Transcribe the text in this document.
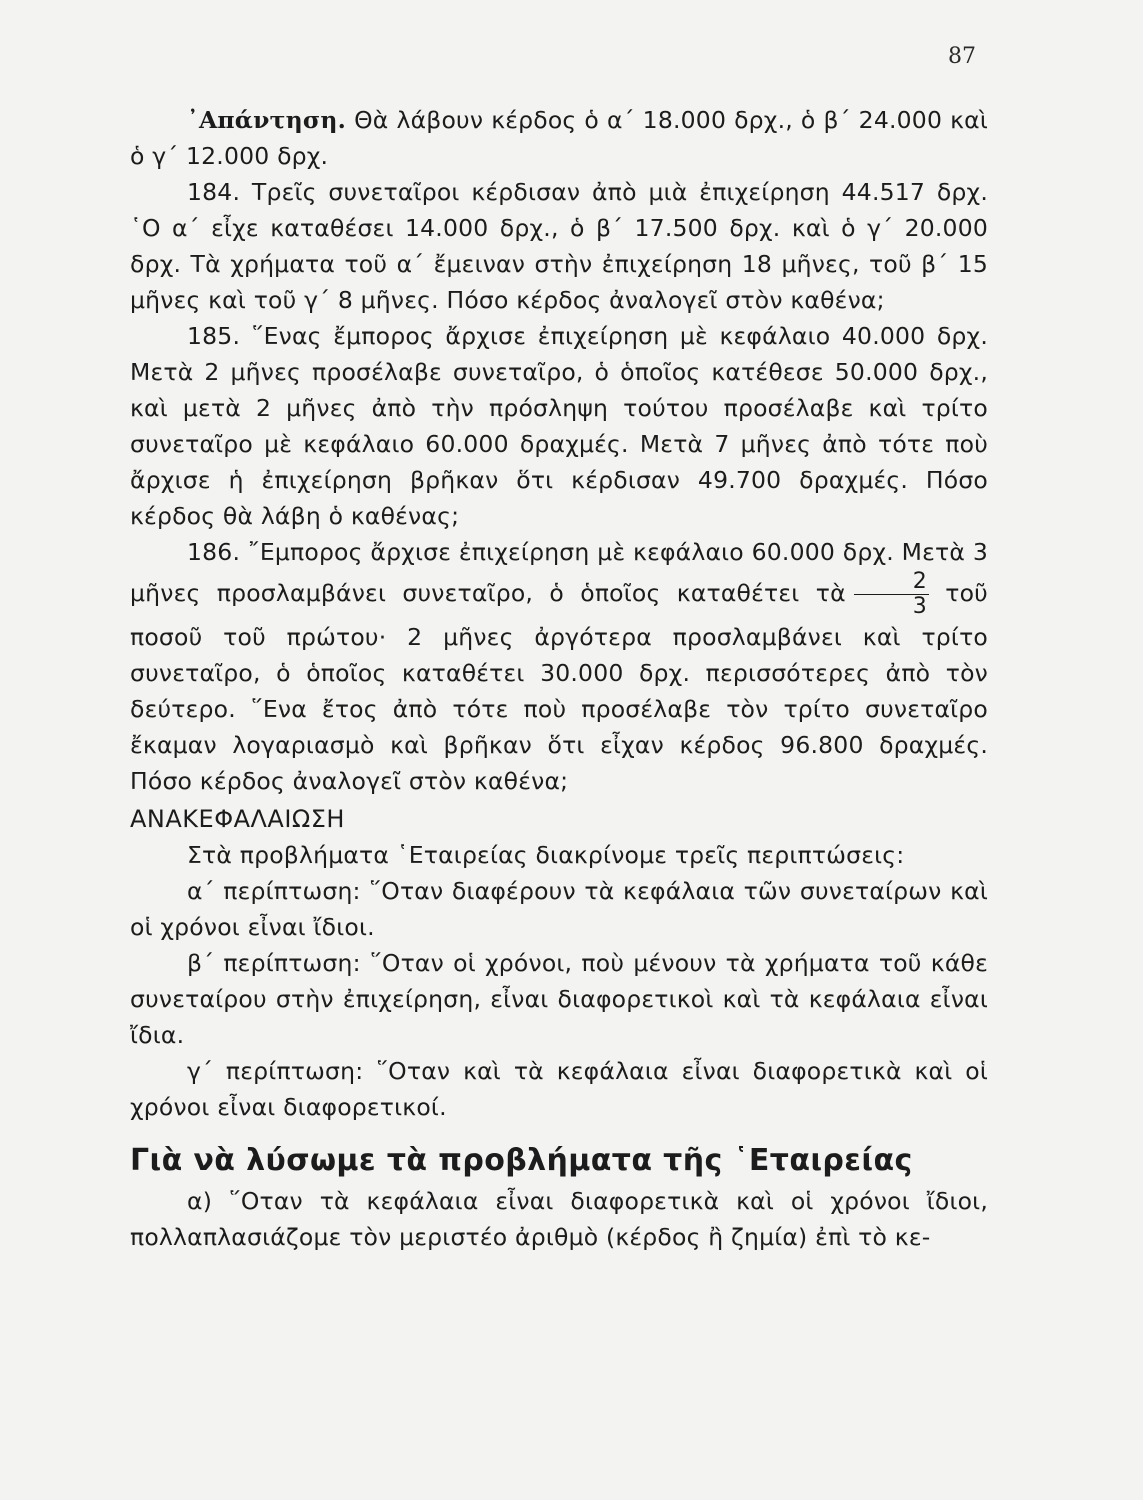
87

᾿Απάντηση. Θὰ λάβουν κέρδος ὁ α΄ 18.000 δρχ., ὁ β΄ 24.000 καὶ ὁ γ΄ 12.000 δρχ.

184. Τρεῖς συνεταῖροι κέρδισαν ἀπὸ μιὰ ἐπιχείρηση 44.517 δρχ. ῾Ο α΄ εἶχε καταθέσει 14.000 δρχ., ὁ β΄ 17.500 δρχ. καὶ ὁ γ΄ 20.000 δρχ. Τὰ χρήματα τοῦ α΄ ἔμειναν στὴν ἐπιχείρηση 18 μῆνες, τοῦ β΄ 15 μῆνες καὶ τοῦ γ΄ 8 μῆνες. Πόσο κέρδος ἀναλογεῖ στὸν καθένα;

185. ῞Ενας ἔμπορος ἄρχισε ἐπιχείρηση μὲ κεφάλαιο 40.000 δρχ. Μετὰ 2 μῆνες προσέλαβε συνεταῖρο, ὁ ὁποῖος κατέθεσε 50.000 δρχ., καὶ μετὰ 2 μῆνες ἀπὸ τὴν πρόσληψη τούτου προσέλαβε καὶ τρίτο συνεταῖρο μὲ κεφάλαιο 60.000 δραχμές. Μετὰ 7 μῆνες ἀπὸ τότε ποὺ ἄρχισε ἡ ἐπιχείρηση βρῆκαν ὅτι κέρδισαν 49.700 δραχμές. Πόσο κέρδος θὰ λάβη ὁ καθένας;

186. ῎Εμπορος ἄρχισε ἐπιχείρηση μὲ κεφάλαιο 60.000 δρχ. Μετὰ 3 μῆνες προσλαμβάνει συνεταῖρο, ὁ ὁποῖος καταθέτει τὰ $\frac{2}{3}$ τοῦ ποσοῦ τοῦ πρώτου· 2 μῆνες ἀργότερα προσλαμβάνει καὶ τρίτο συνεταῖρο, ὁ ὁποῖος καταθέτει 30.000 δρχ. περισσότερες ἀπὸ τὸν δεύτερο. ῞Ενα ἔτος ἀπὸ τότε ποὺ προσέλαβε τὸν τρίτο συνεταῖρο ἔκαμαν λογαριασμὸ καὶ βρῆκαν ὅτι εἶχαν κέρδος 96.800 δραχμές. Πόσο κέρδος ἀναλογεῖ στὸν καθένα;

ΑΝΑΚΕΦΑΛΑΙΩΣΗ

Στὰ προβλήματα ῾Εταιρείας διακρίνομε τρεῖς περιπτώσεις:

α΄ περίπτωση: ῞Οταν διαφέρουν τὰ κεφάλαια τῶν συνεταίρων καὶ οἱ χρόνοι εἶναι ἴδιοι.

β΄ περίπτωση: ῞Οταν οἱ χρόνοι, ποὺ μένουν τὰ χρήματα τοῦ κάθε συνεταίρου στὴν ἐπιχείρηση, εἶναι διαφορετικοὶ καὶ τὰ κεφάλαια εἶναι ἴδια.

γ΄ περίπτωση: ῞Οταν καὶ τὰ κεφάλαια εἶναι διαφορετικὰ καὶ οἱ χρόνοι εἶναι διαφορετικοί.

Γιὰ νὰ λύσωμε τὰ προβλήματα τῆς ῾Εταιρείας

α) ῞Οταν τὰ κεφάλαια εἶναι διαφορετικὰ καὶ οἱ χρόνοι ἴδιοι, πολλαπλασιάζομε τὸν μεριστέο ἀριθμὸ (κέρδος ἢ ζημία) ἐπὶ τὸ κε-
